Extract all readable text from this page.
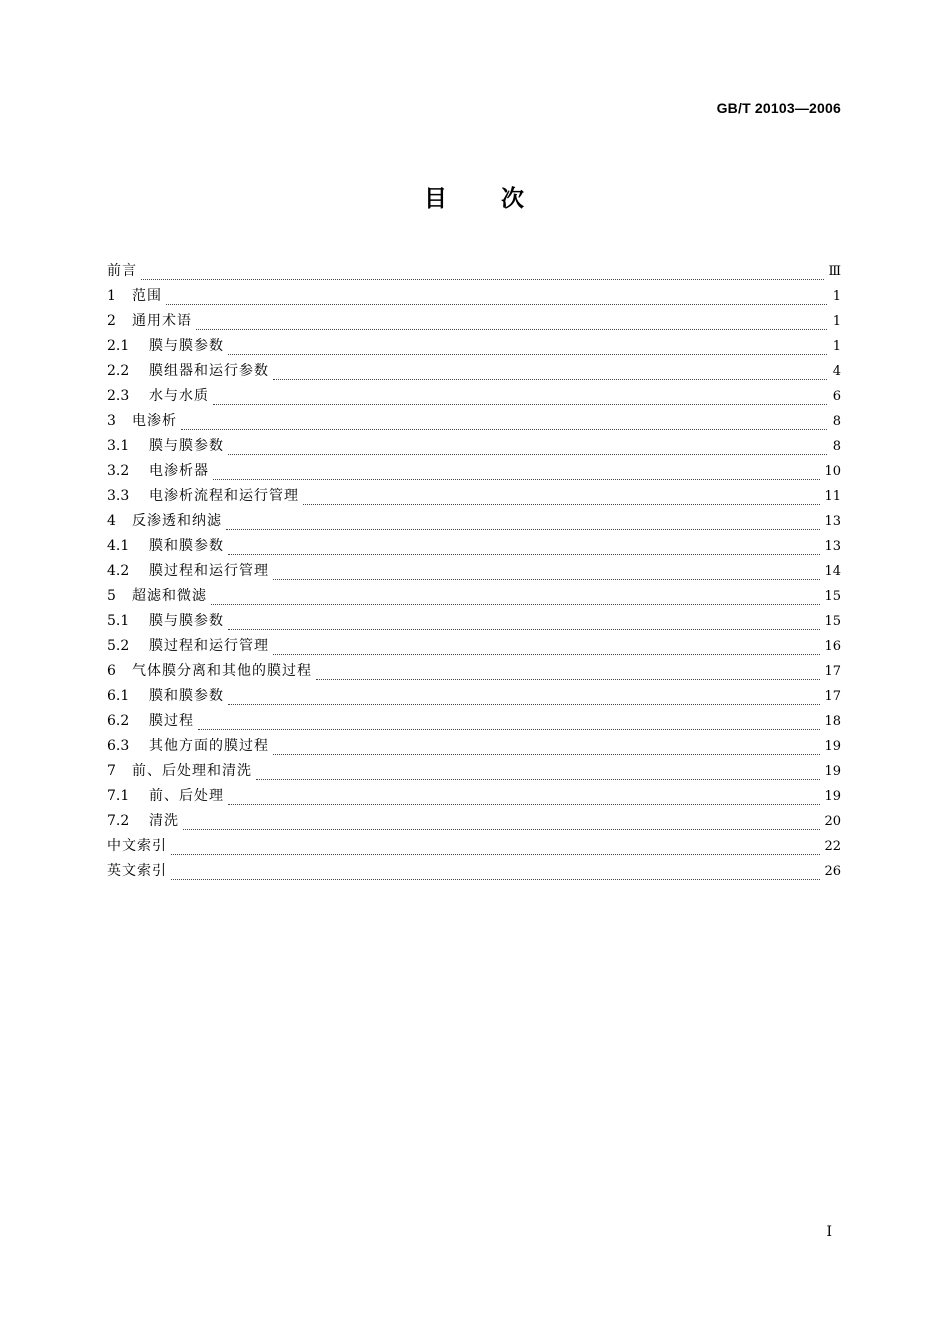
GB/T 20103—2006
目 次
前言	Ⅲ
1	范围	1
2	通用术语	1
2.1	膜与膜参数	1
2.2	膜组器和运行参数	4
2.3	水与水质	6
3	电渗析	8
3.1	膜与膜参数	8
3.2	电渗析器	10
3.3	电渗析流程和运行管理	11
4	反渗透和纳滤	13
4.1	膜和膜参数	13
4.2	膜过程和运行管理	14
5	超滤和微滤	15
5.1	膜与膜参数	15
5.2	膜过程和运行管理	16
6	气体膜分离和其他的膜过程	17
6.1	膜和膜参数	17
6.2	膜过程	18
6.3	其他方面的膜过程	19
7	前、后处理和清洗	19
7.1	前、后处理	19
7.2	清洗	20
中文索引	22
英文索引	26
Ⅰ
